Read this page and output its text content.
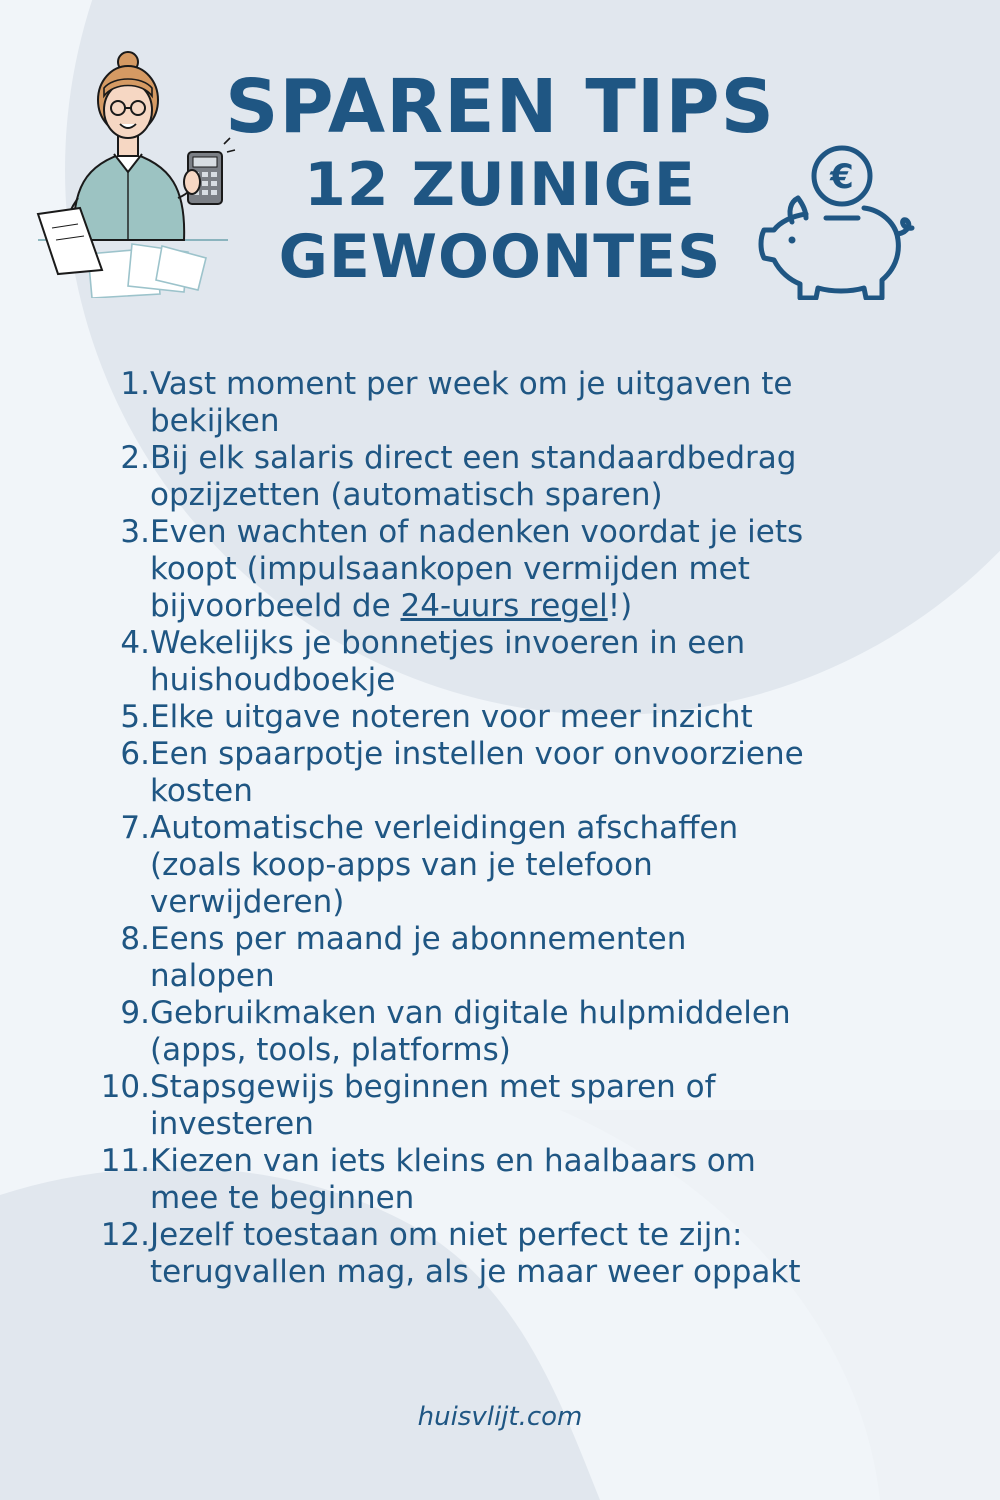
SPAREN TIPS
12 ZUINIGE
GEWOONTES
€
1. Vast moment per week om je uitgaven te
bekijken
2. Bij elk salaris direct een standaardbedrag
opzijzetten (automatisch sparen)
3. Even wachten of nadenken voordat je iets
koopt (impulsaankopen vermijden met
bijvoorbeeld de 24-uurs regel!)
4. Wekelijks je bonnetjes invoeren in een
huishoudboekje
5. Elke uitgave noteren voor meer inzicht
6. Een spaarpotje instellen voor onvoorziene
kosten
7. Automatische verleidingen afschaffen
(zoals koop-apps van je telefoon
verwijderen)
8. Eens per maand je abonnementen
nalopen
9. Gebruikmaken van digitale hulpmiddelen
(apps, tools, platforms)
10. Stapsgewijs beginnen met sparen of
investeren
11. Kiezen van iets kleins en haalbaars om
mee te beginnen
12. Jezelf toestaan om niet perfect te zijn:
terugvallen mag, als je maar weer oppakt
huisvlijt.com
